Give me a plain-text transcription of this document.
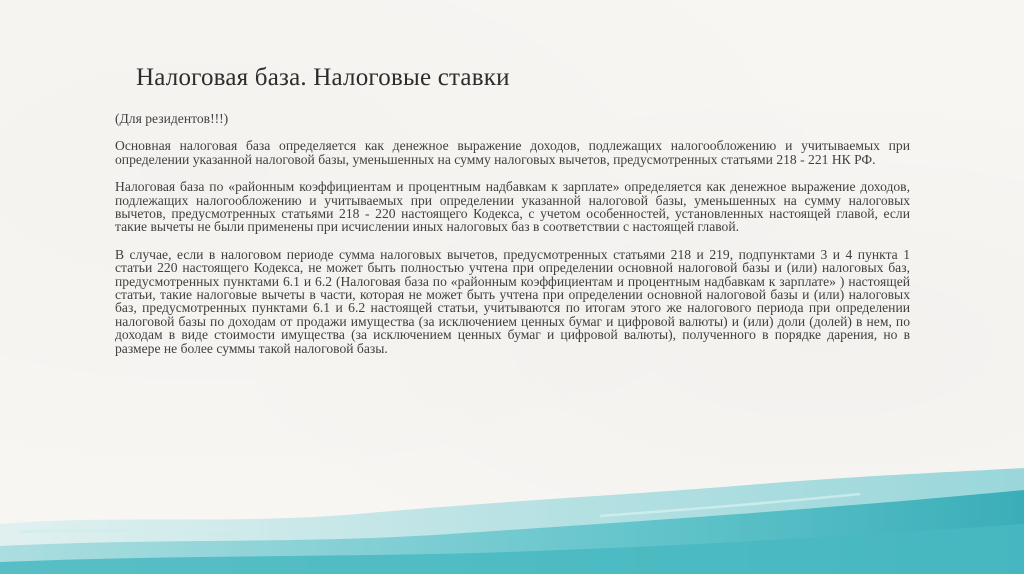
Налоговая база. Налоговые ставки

(Для резидентов!!!)

Основная налоговая база определяется как денежное выражение доходов, подлежащих налогообложению и учитываемых при определении указанной налоговой базы, уменьшенных на сумму налоговых вычетов, предусмотренных статьями 218 - 221 НК РФ.

Налоговая база по «районным коэффициентам и процентным надбавкам к зарплате» определяется как денежное выражение доходов, подлежащих налогообложению и учитываемых при определении указанной налоговой базы, уменьшенных на сумму налоговых вычетов, предусмотренных статьями 218 - 220 настоящего Кодекса, с учетом особенностей, установленных настоящей главой, если такие вычеты не были применены при исчислении иных налоговых баз в соответствии с настоящей главой.

В случае, если в налоговом периоде сумма налоговых вычетов, предусмотренных статьями 218 и 219, подпунктами 3 и 4 пункта 1 статьи 220 настоящего Кодекса, не может быть полностью учтена при определении основной налоговой базы и (или) налоговых баз, предусмотренных пунктами 6.1 и 6.2 (Налоговая база по «районным коэффициентам и процентным надбавкам к зарплате» ) настоящей статьи, такие налоговые вычеты в части, которая не может быть учтена при определении основной налоговой базы и (или) налоговых баз, предусмотренных пунктами 6.1 и 6.2 настоящей статьи, учитываются по итогам этого же налогового периода при определении налоговой базы по доходам от продажи имущества (за исключением ценных бумаг и цифровой валюты) и (или) доли (долей) в нем, по доходам в виде стоимости имущества (за исключением ценных бумаг и цифровой валюты), полученного в порядке дарения, но в размере не более суммы такой налоговой базы.
